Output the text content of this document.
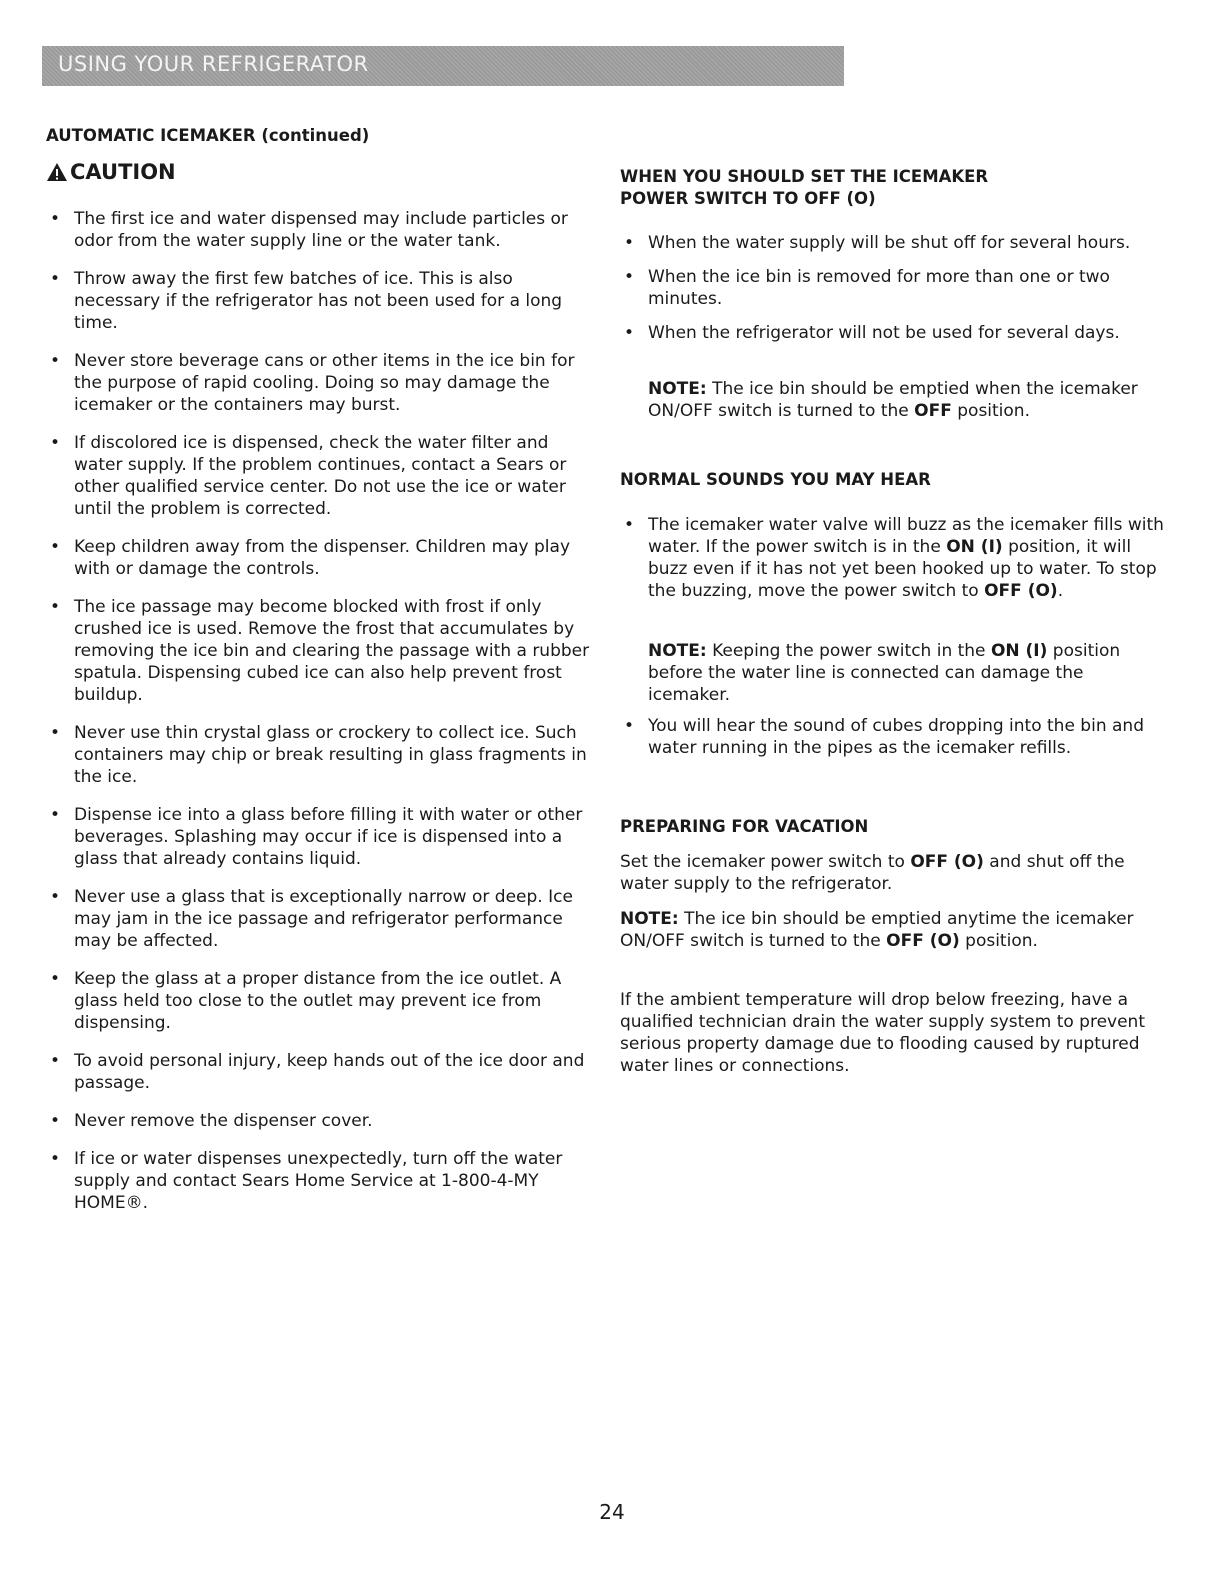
USING YOUR REFRIGERATOR
AUTOMATIC ICEMAKER (continued)
CAUTION
• The first ice and water dispensed may include particles or odor from the water supply line or the water tank.
• Throw away the first few batches of ice. This is also necessary if the refrigerator has not been used for a long time.
• Never store beverage cans or other items in the ice bin for the purpose of rapid cooling. Doing so may damage the icemaker or the containers may burst.
• If discolored ice is dispensed, check the water filter and water supply. If the problem continues, contact a Sears or other qualified service center. Do not use the ice or water until the problem is corrected.
• Keep children away from the dispenser. Children may play with or damage the controls.
• The ice passage may become blocked with frost if only crushed ice is used. Remove the frost that accumulates by removing the ice bin and clearing the passage with a rubber spatula. Dispensing cubed ice can also help prevent frost buildup.
• Never use thin crystal glass or crockery to collect ice. Such containers may chip or break resulting in glass fragments in the ice.
• Dispense ice into a glass before filling it with water or other beverages. Splashing may occur if ice is dispensed into a glass that already contains liquid.
• Never use a glass that is exceptionally narrow or deep. Ice may jam in the ice passage and refrigerator performance may be affected.
• Keep the glass at a proper distance from the ice outlet. A glass held too close to the outlet may prevent ice from dispensing.
• To avoid personal injury, keep hands out of the ice door and passage.
• Never remove the dispenser cover.
• If ice or water dispenses unexpectedly, turn off the water supply and contact Sears Home Service at 1-800-4-MY HOME®.
WHEN YOU SHOULD SET THE ICEMAKER
POWER SWITCH TO OFF (O)
• When the water supply will be shut off for several hours.
• When the ice bin is removed for more than one or two minutes.
• When the refrigerator will not be used for several days.

NOTE: The ice bin should be emptied when the icemaker ON/OFF switch is turned to the OFF position.

NORMAL SOUNDS YOU MAY HEAR
• The icemaker water valve will buzz as the icemaker fills with water. If the power switch is in the ON (I) position, it will buzz even if it has not yet been hooked up to water. To stop the buzzing, move the power switch to OFF (O).

NOTE: Keeping the power switch in the ON (I) position before the water line is connected can damage the icemaker.

• You will hear the sound of cubes dropping into the bin and water running in the pipes as the icemaker refills.
PREPARING FOR VACATION

Set the icemaker power switch to OFF (O) and shut off the water supply to the refrigerator.

NOTE: The ice bin should be emptied anytime the icemaker ON/OFF switch is turned to the OFF (O) position.

If the ambient temperature will drop below freezing, have a qualified technician drain the water supply system to prevent serious property damage due to flooding caused by ruptured water lines or connections.

24
